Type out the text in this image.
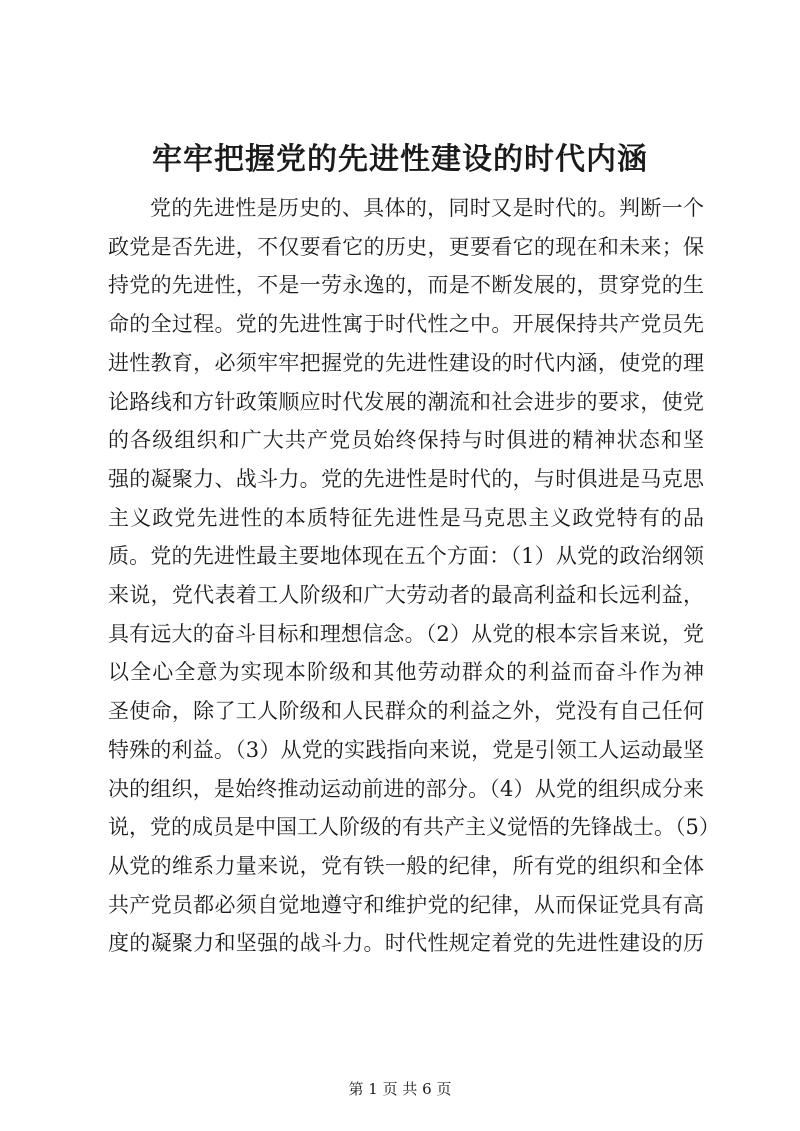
牢牢把握党的先进性建设的时代内涵
党的先进性是历史的、具体的，同时又是时代的。判断一个
政党是否先进，不仅要看它的历史，更要看它的现在和未来；保
持党的先进性，不是一劳永逸的，而是不断发展的，贯穿党的生
命的全过程。党的先进性寓于时代性之中。开展保持共产党员先
进性教育，必须牢牢把握党的先进性建设的时代内涵，使党的理
论路线和方针政策顺应时代发展的潮流和社会进步的要求，使党
的各级组织和广大共产党员始终保持与时俱进的精神状态和坚
强的凝聚力、战斗力。党的先进性是时代的，与时俱进是马克思
主义政党先进性的本质特征先进性是马克思主义政党特有的品
质。党的先进性最主要地体现在五个方面：（1）从党的政治纲领
来说，党代表着工人阶级和广大劳动者的最高利益和长远利益，
具有远大的奋斗目标和理想信念。（2）从党的根本宗旨来说，党
以全心全意为实现本阶级和其他劳动群众的利益而奋斗作为神
圣使命，除了工人阶级和人民群众的利益之外，党没有自己任何
特殊的利益。（3）从党的实践指向来说，党是引领工人运动最坚
决的组织，是始终推动运动前进的部分。（4）从党的组织成分来
说，党的成员是中国工人阶级的有共产主义觉悟的先锋战士。（5）
从党的维系力量来说，党有铁一般的纪律，所有党的组织和全体
共产党员都必须自觉地遵守和维护党的纪律，从而保证党具有高
度的凝聚力和坚强的战斗力。时代性规定着党的先进性建设的历
第 1 页 共 6 页
